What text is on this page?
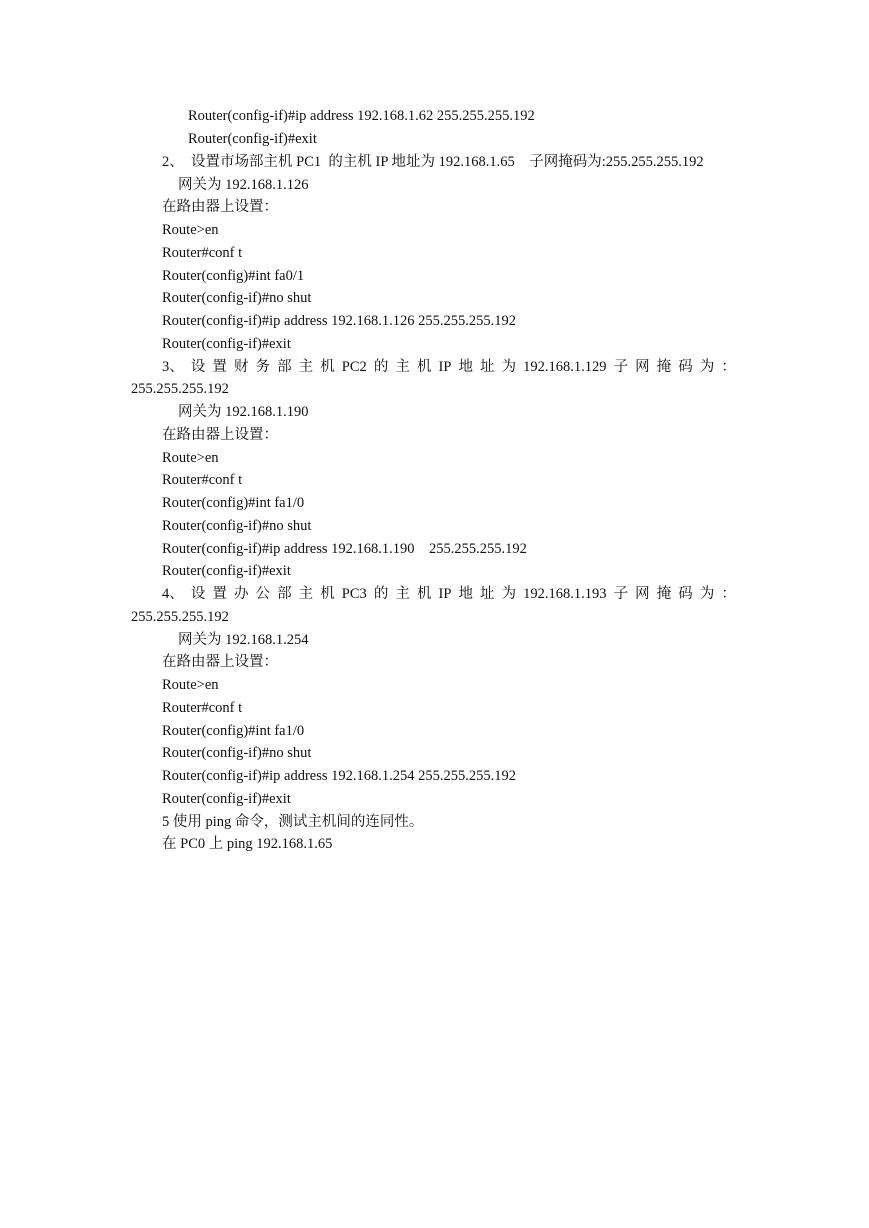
Router(config-if)#ip address 192.168.1.62 255.255.255.192
Router(config-if)#exit
2、  设置市场部主机 PC1  的主机 IP 地址为 192.168.1.65    子网掩码为:255.255.255.192
网关为 192.168.1.126
在路由器上设置：
Route>en
Router#conf t
Router(config)#int fa0/1
Router(config-if)#no shut
Router(config-if)#ip address 192.168.1.126 255.255.255.192
Router(config-if)#exit
3、 设 置 财 务 部 主 机 PC2 的 主 机 IP 地 址 为 192.168.1.129 子 网 掩 码 为 ：
255.255.255.192
网关为 192.168.1.190
在路由器上设置：
Route>en
Router#conf t
Router(config)#int fa1/0
Router(config-if)#no shut
Router(config-if)#ip address 192.168.1.190    255.255.255.192
Router(config-if)#exit
4、 设 置 办 公 部 主 机 PC3 的 主 机 IP 地 址 为 192.168.1.193 子 网 掩 码 为 ：
255.255.255.192
网关为 192.168.1.254
在路由器上设置：
Route>en
Router#conf t
Router(config)#int fa1/0
Router(config-if)#no shut
Router(config-if)#ip address 192.168.1.254 255.255.255.192
Router(config-if)#exit
5 使用 ping 命令，测试主机间的连同性。
在 PC0 上 ping 192.168.1.65
